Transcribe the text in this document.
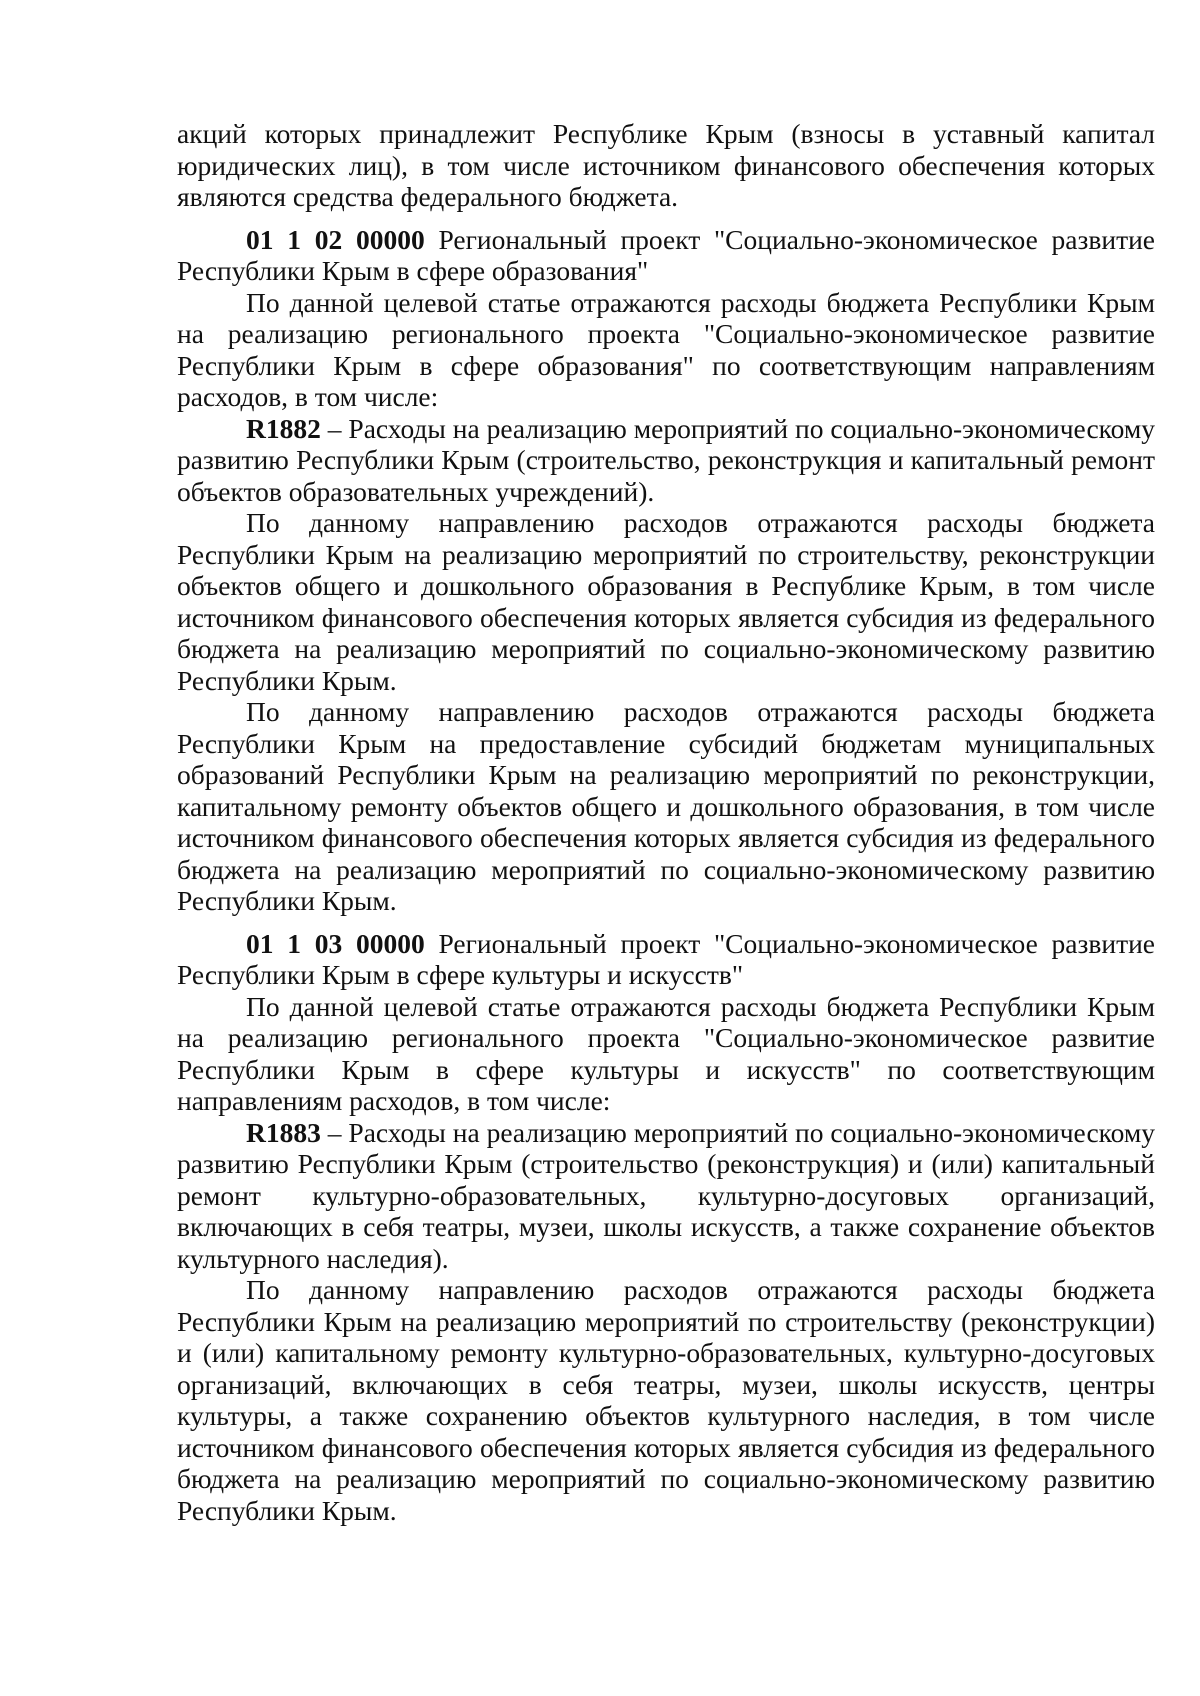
акций которых принадлежит Республике Крым (взносы в уставный капитал юридических лиц), в том числе источником финансового обеспечения которых являются средства федерального бюджета.

01 1 02 00000 Региональный проект "Социально-экономическое развитие Республики Крым в сфере образования"

По данной целевой статье отражаются расходы бюджета Республики Крым на реализацию регионального проекта "Социально-экономическое развитие Республики Крым в сфере образования" по соответствующим направлениям расходов, в том числе:

R1882 – Расходы на реализацию мероприятий по социально-экономическому развитию Республики Крым (строительство, реконструкция и капитальный ремонт объектов образовательных учреждений).

По данному направлению расходов отражаются расходы бюджета Республики Крым на реализацию мероприятий по строительству, реконструкции объектов общего и дошкольного образования в Республике Крым, в том числе источником финансового обеспечения которых является субсидия из федерального бюджета на реализацию мероприятий по социально-экономическому развитию Республики Крым.

По данному направлению расходов отражаются расходы бюджета Республики Крым на предоставление субсидий бюджетам муниципальных образований Республики Крым на реализацию мероприятий по реконструкции, капитальному ремонту объектов общего и дошкольного образования, в том числе источником финансового обеспечения которых является субсидия из федерального бюджета на реализацию мероприятий по социально-экономическому развитию Республики Крым.

01 1 03 00000 Региональный проект "Социально-экономическое развитие Республики Крым в сфере культуры и искусств"

По данной целевой статье отражаются расходы бюджета Республики Крым на реализацию регионального проекта "Социально-экономическое развитие Республики Крым в сфере культуры и искусств" по соответствующим направлениям расходов, в том числе:

R1883 – Расходы на реализацию мероприятий по социально-экономическому развитию Республики Крым (строительство (реконструкция) и (или) капитальный ремонт культурно-образовательных, культурно-досуговых организаций, включающих в себя театры, музеи, школы искусств, а также сохранение объектов культурного наследия).

По данному направлению расходов отражаются расходы бюджета Республики Крым на реализацию мероприятий по строительству (реконструкции) и (или) капитальному ремонту культурно-образовательных, культурно-досуговых организаций, включающих в себя театры, музеи, школы искусств, центры культуры, а также сохранению объектов культурного наследия, в том числе источником финансового обеспечения которых является субсидия из федерального бюджета на реализацию мероприятий по социально-экономическому развитию Республики Крым.
